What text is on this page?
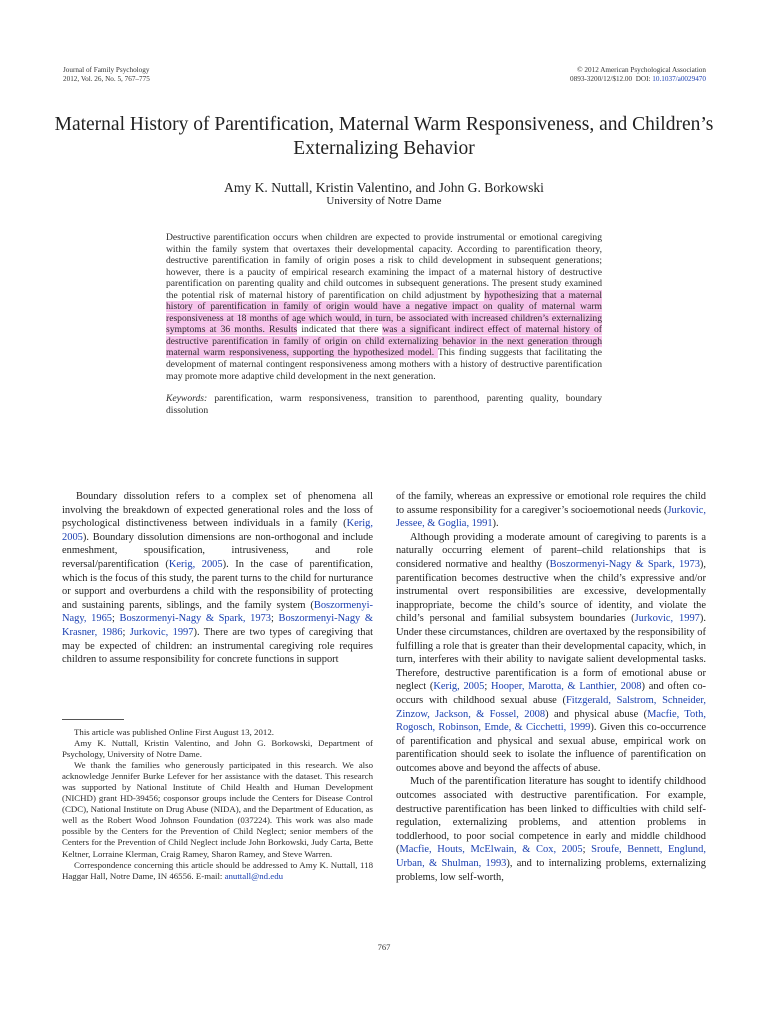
Journal of Family Psychology
2012, Vol. 26, No. 5, 767–775
© 2012 American Psychological Association
0893-3200/12/$12.00 DOI: 10.1037/a0029470
Maternal History of Parentification, Maternal Warm Responsiveness, and Children’s Externalizing Behavior
Amy K. Nuttall, Kristin Valentino, and John G. Borkowski
University of Notre Dame

Destructive parentification occurs when children are expected to provide instrumental or emotional caregiving within the family system that overtaxes their developmental capacity. According to parentification theory, destructive parentification in family of origin poses a risk to child development in subsequent generations; however, there is a paucity of empirical research examining the impact of a maternal history of destructive parentification on parenting quality and child outcomes in subsequent generations. The present study examined the potential risk of maternal history of parentification on child adjustment by hypothesizing that a maternal history of parentification in family of origin would have a negative impact on quality of maternal warm responsiveness at 18 months of age which would, in turn, be associated with increased children’s externalizing symptoms at 36 months. Results indicated that there was a significant indirect effect of maternal history of destructive parentification in family of origin on child externalizing behavior in the next generation through maternal warm responsiveness, supporting the hypothesized model. This finding suggests that facilitating the development of maternal contingent responsiveness among mothers with a history of destructive parentification may promote more adaptive child development in the next generation.

Keywords: parentification, warm responsiveness, transition to parenthood, parenting quality, boundary dissolution

Boundary dissolution refers to a complex set of phenomena all involving the breakdown of expected generational roles and the loss of psychological distinctiveness between individuals in a family (Kerig, 2005). Boundary dissolution dimensions are non-orthogonal and include enmeshment, spousification, intrusiveness, and role reversal/parentification (Kerig, 2005). In the case of parentification, which is the focus of this study, the parent turns to the child for nurturance or support and overburdens a child with the responsibility of protecting and sustaining parents, siblings, and the family system (Boszormenyi-Nagy, 1965; Boszormenyi-Nagy & Spark, 1973; Boszormenyi-Nagy & Krasner, 1986; Jurkovic, 1997). There are two types of caregiving that may be expected of children: an instrumental caregiving role requires children to assume responsibility for concrete functions in support

This article was published Online First August 13, 2012.

Amy K. Nuttall, Kristin Valentino, and John G. Borkowski, Department of Psychology, University of Notre Dame.

We thank the families who generously participated in this research. We also acknowledge Jennifer Burke Lefever for her assistance with the dataset. This research was supported by National Institute of Child Health and Human Development (NICHD) grant HD-39456; cosponsor groups include the Centers for Disease Control (CDC), National Institute on Drug Abuse (NIDA), and the Department of Education, as well as the Robert Wood Johnson Foundation (037224). This work was also made possible by the Centers for the Prevention of Child Neglect; senior members of the Centers for the Prevention of Child Neglect include John Borkowski, Judy Carta, Bette Keltner, Lorraine Klerman, Craig Ramey, Sharon Ramey, and Steve Warren.

Correspondence concerning this article should be addressed to Amy K. Nuttall, 118 Haggar Hall, Notre Dame, IN 46556. E-mail: anuttall@nd.edu

of the family, whereas an expressive or emotional role requires the child to assume responsibility for a caregiver’s socioemotional needs (Jurkovic, Jessee, & Goglia, 1991).

Although providing a moderate amount of caregiving to parents is a naturally occurring element of parent–child relationships that is considered normative and healthy (Boszormenyi-Nagy & Spark, 1973), parentification becomes destructive when the child’s expressive and/or instrumental overt responsibilities are excessive, developmentally inappropriate, become the child’s source of identity, and violate the child’s personal and familial subsystem boundaries (Jurkovic, 1997). Under these circumstances, children are overtaxed by the responsibility of fulfilling a role that is greater than their developmental capacity, which, in turn, interferes with their ability to navigate salient developmental tasks. Therefore, destructive parentification is a form of emotional abuse or neglect (Kerig, 2005; Hooper, Marotta, & Lanthier, 2008) and often co-occurs with childhood sexual abuse (Fitzgerald, Salstrom, Schneider, Zinzow, Jackson, & Fossel, 2008) and physical abuse (Macfie, Toth, Rogosch, Robinson, Emde, & Cicchetti, 1999). Given this co-occurrence of parentification and physical and sexual abuse, empirical work on parentification should seek to isolate the influence of parentification on outcomes above and beyond the affects of abuse.

Much of the parentification literature has sought to identify childhood outcomes associated with destructive parentification. For example, destructive parentification has been linked to difficulties with child self-regulation, externalizing problems, and attention problems in toddlerhood, to poor social competence in early and middle childhood (Macfie, Houts, McElwain, & Cox, 2005; Sroufe, Bennett, Englund, Urban, & Shulman, 1993), and to internalizing problems, externalizing problems, low self-worth,

767
